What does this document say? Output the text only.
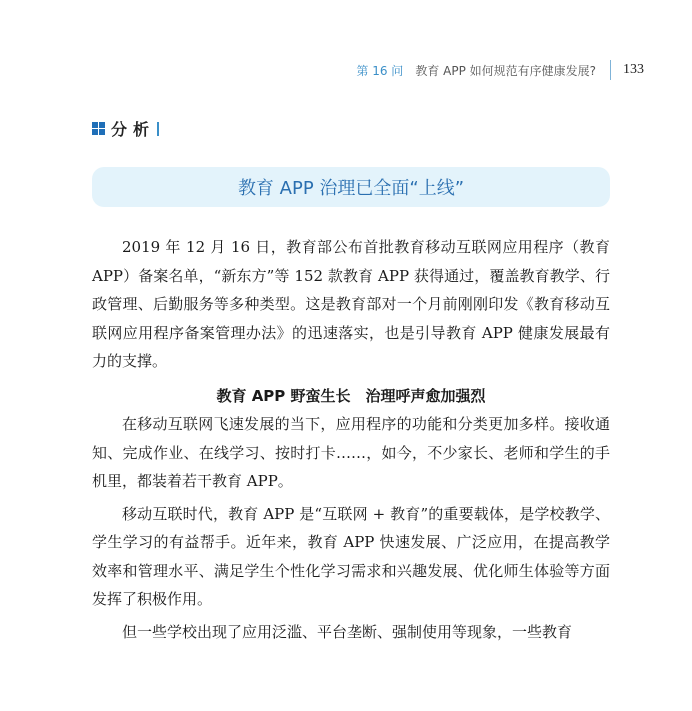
第 16 问 教育 APP 如何规范有序健康发展? 133
分析
教育 APP 治理已全面“上线”

2019 年 12 月 16 日，教育部公布首批教育移动互联网应用程序（教育 APP）备案名单，“新东方”等 152 款教育 APP 获得通过，覆盖教育教学、行政管理、后勤服务等多种类型。这是教育部对一个月前刚刚印发《教育移动互联网应用程序备案管理办法》的迅速落实，也是引导教育 APP 健康发展最有力的支撑。

教育 APP 野蛮生长　治理呼声愈加强烈

在移动互联网飞速发展的当下，应用程序的功能和分类更加多样。接收通知、完成作业、在线学习、按时打卡……，如今，不少家长、老师和学生的手机里，都装着若干教育 APP。

移动互联时代，教育 APP 是“互联网 + 教育”的重要载体，是学校教学、学生学习的有益帮手。近年来，教育 APP 快速发展、广泛应用，在提高教学效率和管理水平、满足学生个性化学习需求和兴趣发展、优化师生体验等方面发挥了积极作用。

但一些学校出现了应用泛滥、平台垄断、强制使用等现象，一些教育
